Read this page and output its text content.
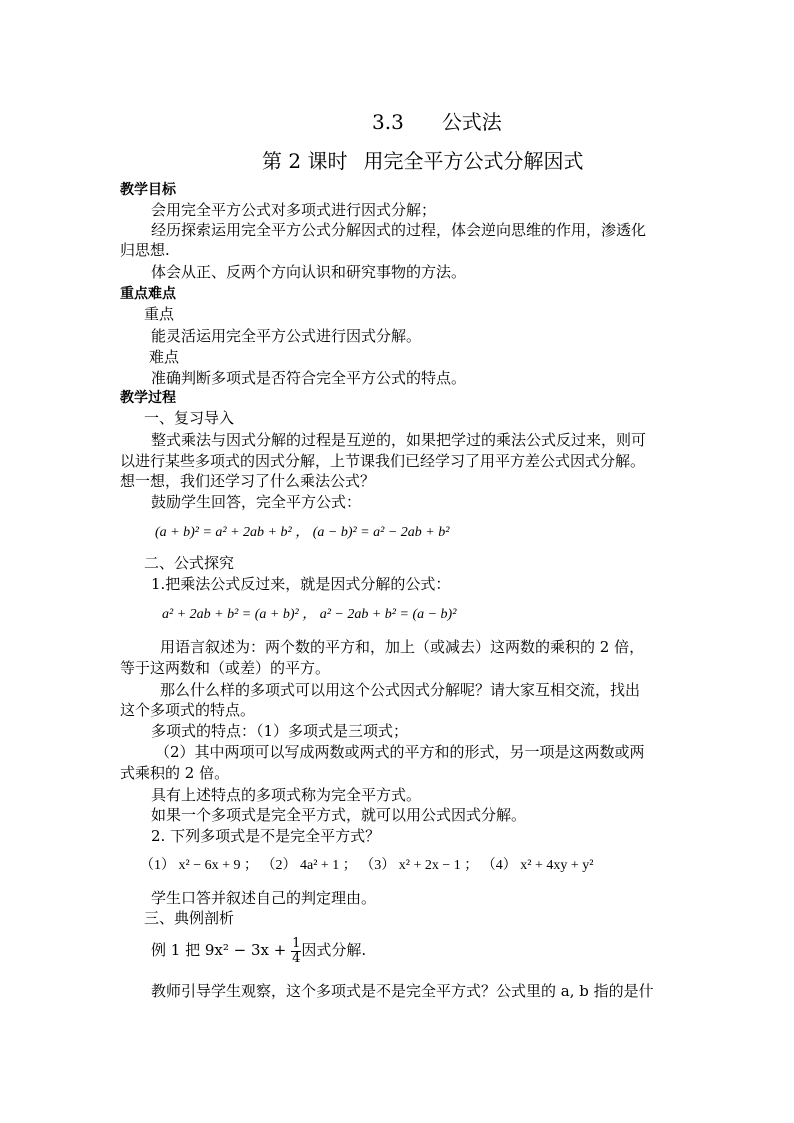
3.3 公式法
第 2 课时 用完全平方公式分解因式
教学目标
会用完全平方公式对多项式进行因式分解；
经历探索运用完全平方公式分解因式的过程，体会逆向思维的作用，渗透化
归思想.
体会从正、反两个方向认识和研究事物的方法。
重点难点
重点
能灵活运用完全平方公式进行因式分解。
难点
准确判断多项式是否符合完全平方公式的特点。
教学过程
一、复习导入
整式乘法与因式分解的过程是互逆的，如果把学过的乘法公式反过来，则可
以进行某些多项式的因式分解，上节课我们已经学习了用平方差公式因式分解。
想一想，我们还学习了什么乘法公式？
鼓励学生回答，完全平方公式：
(a + b)² = a² + 2ab + b² ， (a − b)² = a² − 2ab + b²
二、公式探究
1.把乘法公式反过来，就是因式分解的公式：
a² + 2ab + b² = (a + b)² ， a² − 2ab + b² = (a − b)²
用语言叙述为：两个数的平方和，加上（或减去）这两数的乘积的 2 倍，
等于这两数和（或差）的平方。
那么什么样的多项式可以用这个公式因式分解呢？请大家互相交流，找出
这个多项式的特点。
多项式的特点：（1）多项式是三项式；
（2）其中两项可以写成两数或两式的平方和的形式，另一项是这两数或两
式乘积的 2 倍。
具有上述特点的多项式称为完全平方式。
如果一个多项式是完全平方式，就可以用公式因式分解。
2. 下列多项式是不是完全平方式？
（1） x² − 6x + 9 ； （2） 4a² + 1 ； （3） x² + 2x − 1 ； （4） x² + 4xy + y²
学生口答并叙述自己的判定理由。
三、典例剖析
例 1 把 $9x^2 - 3x + \frac{1}{4}$ 因式分解.
教师引导学生观察，这个多项式是不是完全平方式？公式里的 a, b 指的是什
